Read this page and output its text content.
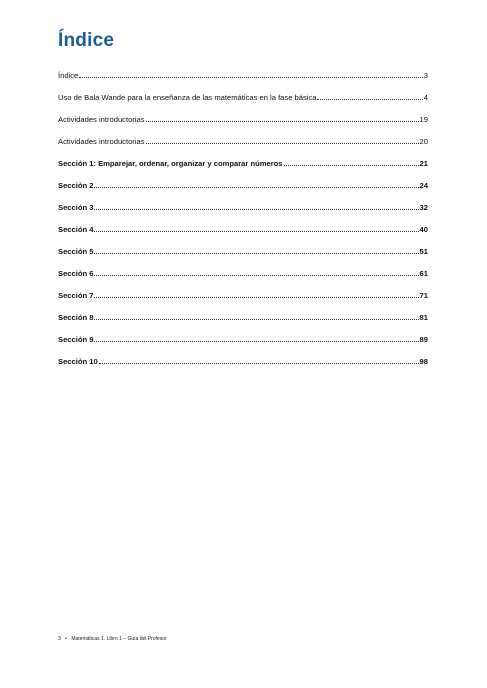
Índice
Índice	3
Uso de Bala Wande para la enseñanza de las matemáticas en la fase básica	4
Actividades introductorias	19
Actividades introductorias	20
Sección 1: Emparejar, ordenar, organizar y comparar números	21
Sección 2	24
Sección 3	32
Sección 4	40
Sección 5	51
Sección 6	61
Sección 7	71
Sección 8	81
Sección 9	89
Sección 10	98
3 • Matemáticas 1. Libro 1 – Guía del Profesor
